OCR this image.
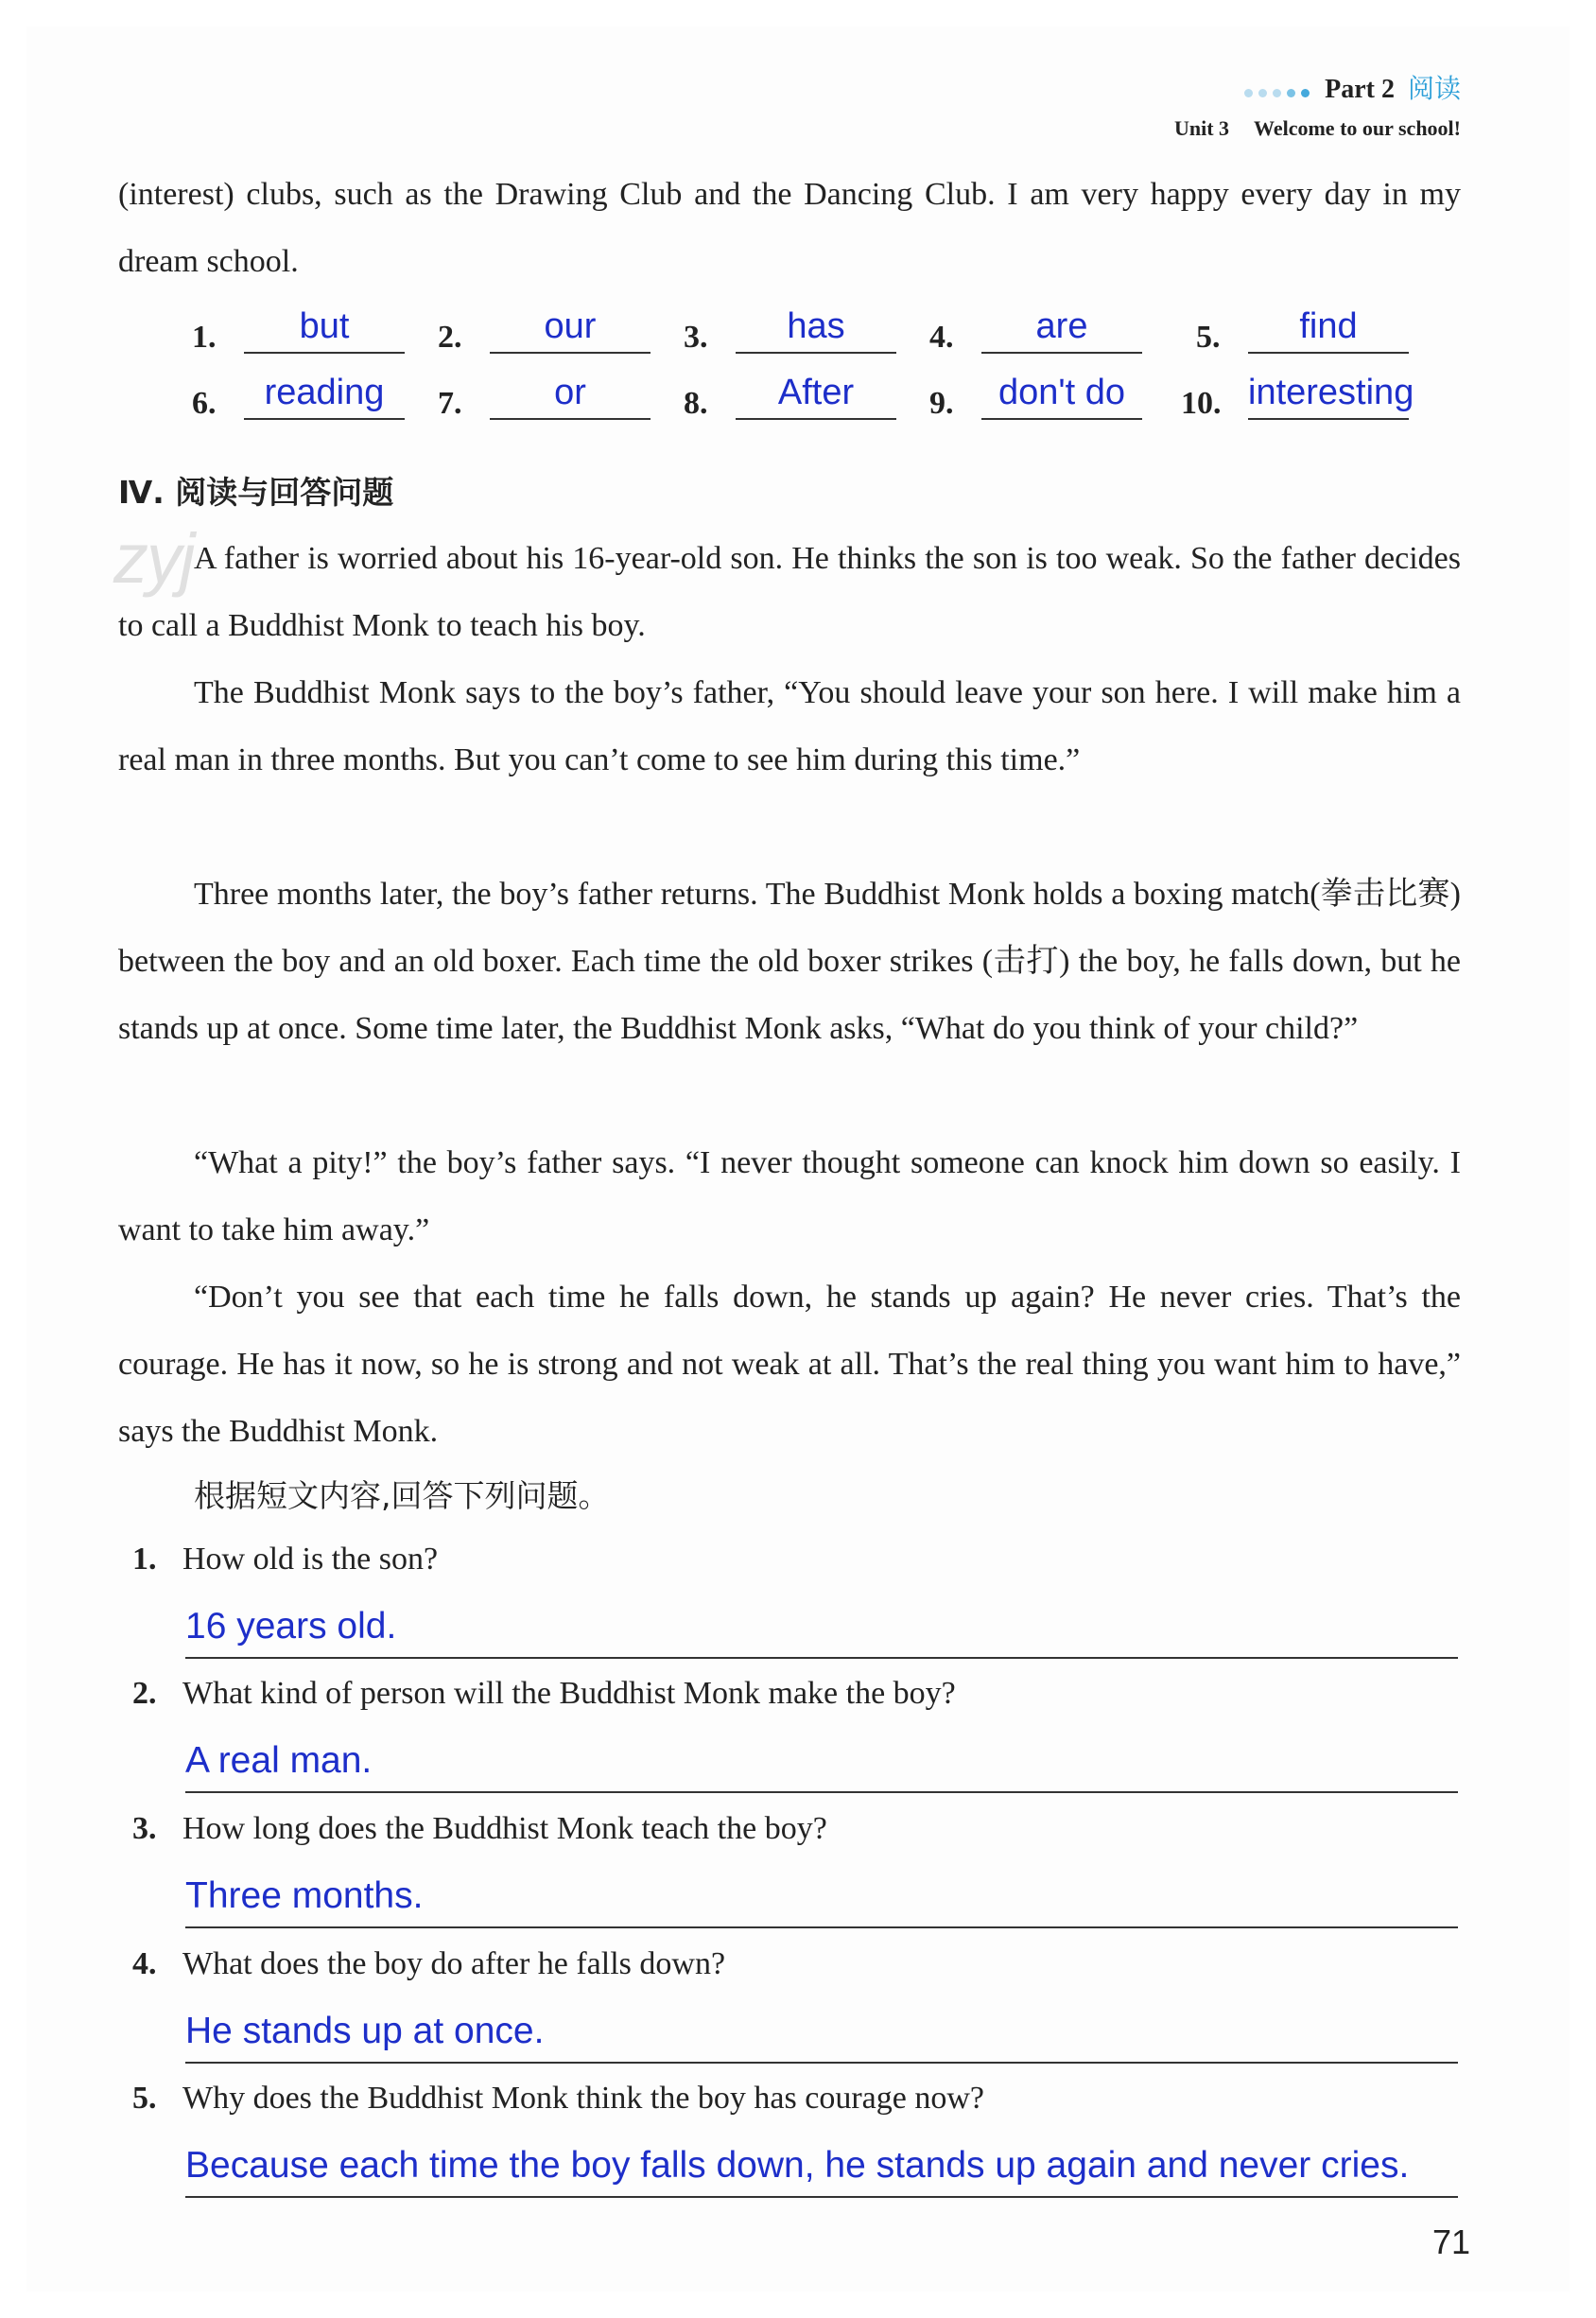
Part 2 阅读
Unit 3 Welcome to our school!
(interest) clubs, such as the Drawing Club and the Dancing Club. I am very happy every day in my dream school.
1.	but	2.	our	3.	has	4.	are	5.	find
6.	reading	7.	or	8.	After	9.	don't do	10. interesting
Ⅳ. 阅读与回答问题
zyj A father is worried about his 16-year-old son. He thinks the son is too weak. So the father decides to call a Buddhist Monk to teach his boy.
The Buddhist Monk says to the boy’s father, “You should leave your son here. I will make him a real man in three months. But you can’t come to see him during this time.”
Three months later, the boy’s father returns. The Buddhist Monk holds a boxing match(拳击比赛) between the boy and an old boxer. Each time the old boxer strikes (击打) the boy, he falls down, but he stands up at once. Some time later, the Buddhist Monk asks, “What do you think of your child?”
“What a pity!” the boy’s father says. “I never thought someone can knock him down so easily. I want to take him away.”
“Don’t you see that each time he falls down, he stands up again? He never cries. That’s the courage. He has it now, so he is strong and not weak at all. That’s the real thing you want him to have,” says the Buddhist Monk.
根据短文内容,回答下列问题。
1. How old is the son?
16 years old.
2. What kind of person will the Buddhist Monk make the boy?
A real man.
3. How long does the Buddhist Monk teach the boy?
Three months.
4. What does the boy do after he falls down?
He stands up at once.
5. Why does the Buddhist Monk think the boy has courage now?
Because each time the boy falls down, he stands up again and never cries.
71
